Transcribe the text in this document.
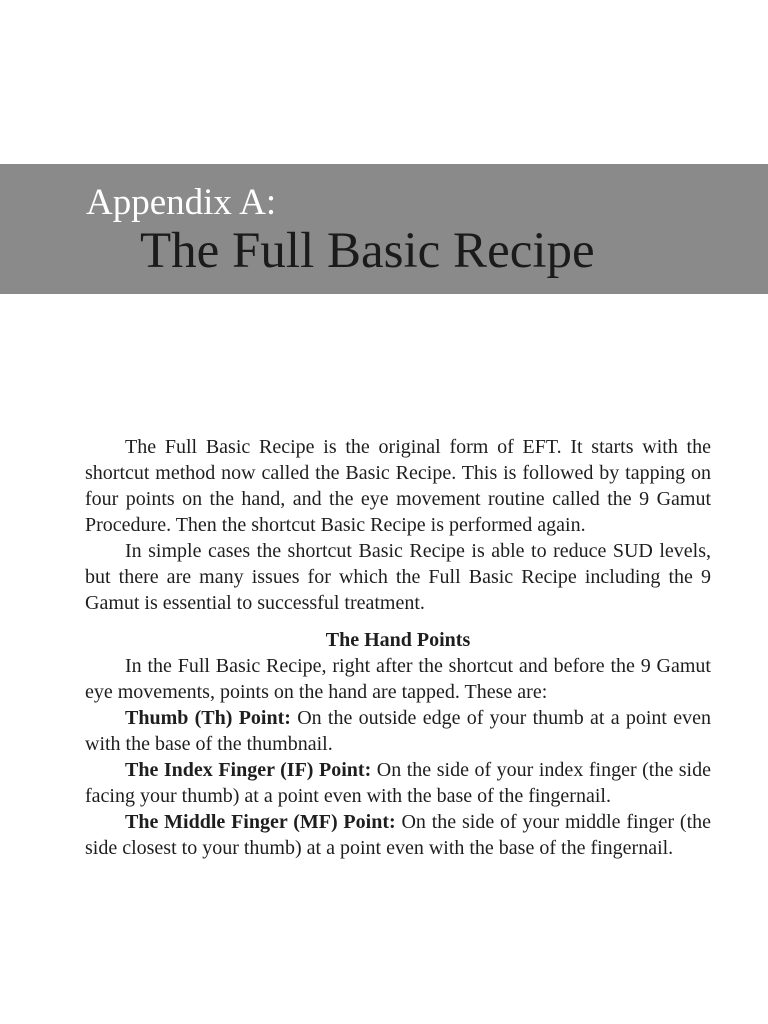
Appendix A:
The Full Basic Recipe

The Full Basic Recipe is the original form of EFT. It starts with the shortcut method now called the Basic Recipe. This is followed by tapping on four points on the hand, and the eye movement routine called the 9 Gamut Procedure. Then the shortcut Basic Recipe is performed again.

In simple cases the shortcut Basic Recipe is able to reduce SUD levels, but there are many issues for which the Full Basic Recipe including the 9 Gamut is essential to successful treatment.

The Hand Points

In the Full Basic Recipe, right after the shortcut and before the 9 Gamut eye movements, points on the hand are tapped. These are:

Thumb (Th) Point: On the outside edge of your thumb at a point even with the base of the thumbnail.

The Index Finger (IF) Point: On the side of your index finger (the side facing your thumb) at a point even with the base of the fingernail.

The Middle Finger (MF) Point: On the side of your middle finger (the side closest to your thumb) at a point even with the base of the fingernail.
